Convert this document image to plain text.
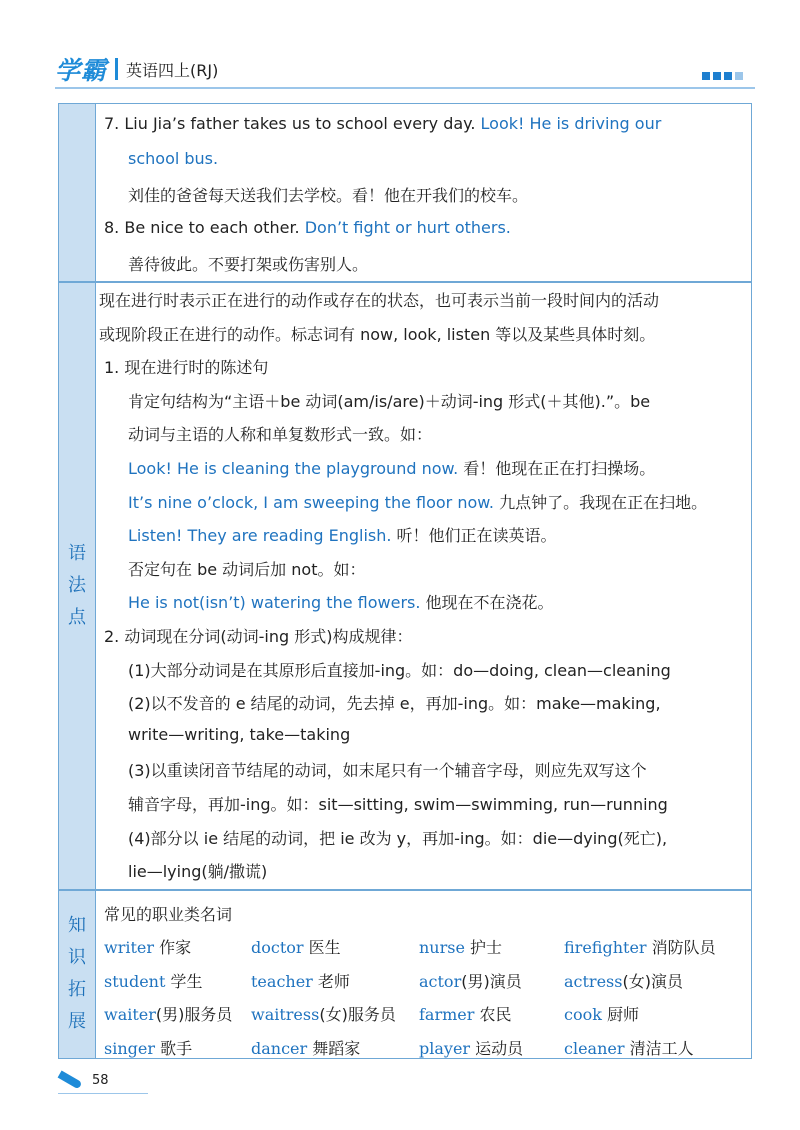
学霸 英语四上(RJ)
语
法
点
知
识
拓
展
7. Liu Jia’s father takes us to school every day. Look! He is driving our
school bus.
刘佳的爸爸每天送我们去学校。看！他在开我们的校车。
8. Be nice to each other. Don’t fight or hurt others.
善待彼此。不要打架或伤害别人。
现在进行时表示正在进行的动作或存在的状态，也可表示当前一段时间内的活动
或现阶段正在进行的动作。标志词有 now, look, listen 等以及某些具体时刻。
1. 现在进行时的陈述句
肯定句结构为“主语＋be 动词(am/is/are)＋动词-ing 形式(＋其他).”。be
动词与主语的人称和单复数形式一致。如：
Look! He is cleaning the playground now. 看！他现在正在打扫操场。
It’s nine o’clock, I am sweeping the floor now. 九点钟了。我现在正在扫地。
Listen! They are reading English. 听！他们正在读英语。
否定句在 be 动词后加 not。如：
He is not(isn’t) watering the flowers. 他现在不在浇花。
2. 动词现在分词(动词-ing 形式)构成规律：
(1)大部分动词是在其原形后直接加-ing。如：do—doing, clean—cleaning
(2)以不发音的 e 结尾的动词，先去掉 e，再加-ing。如：make—making,
write—writing, take—taking
(3)以重读闭音节结尾的动词，如末尾只有一个辅音字母，则应先双写这个
辅音字母，再加-ing。如：sit—sitting, swim—swimming, run—running
(4)部分以 ie 结尾的动词，把 ie 改为 y，再加-ing。如：die—dying(死亡),
lie—lying(躺/撒谎)
常见的职业类名词
writer 作家	doctor 医生	nurse 护士	firefighter 消防队员
student 学生	teacher 老师	actor(男)演员	actress(女)演员
waiter(男)服务员 waitress(女)服务员 farmer 农民	cook 厨师
singer 歌手	dancer 舞蹈家	player 运动员	cleaner 清洁工人
58
